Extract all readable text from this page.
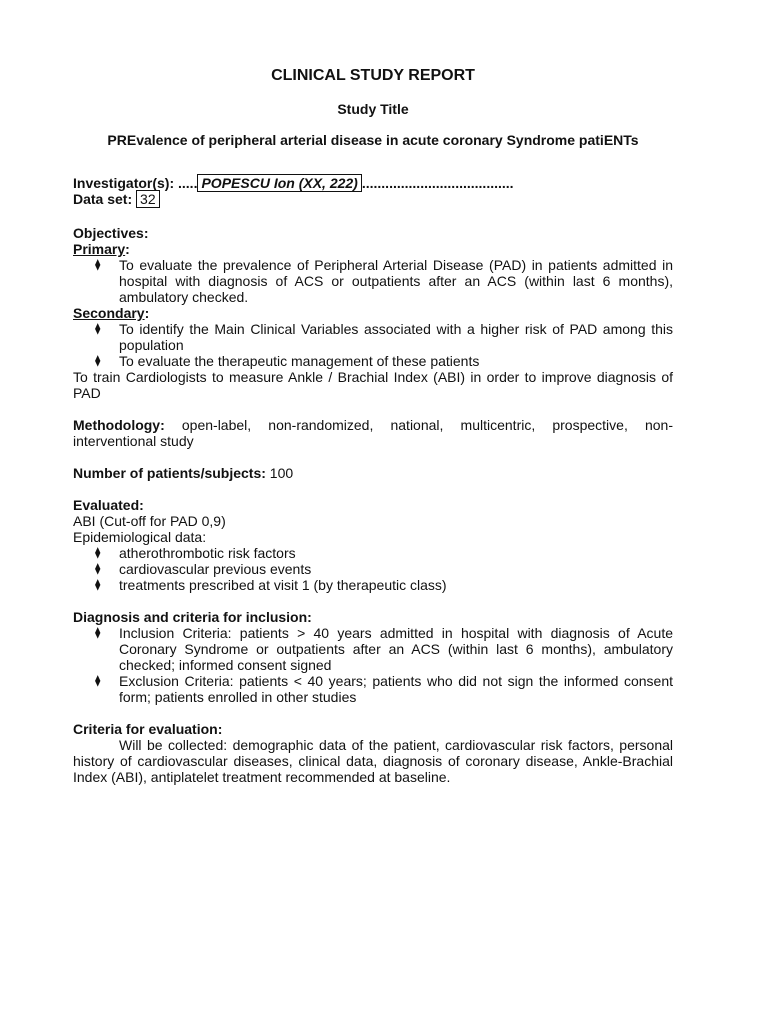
CLINICAL STUDY REPORT
Study Title
PREvalence of peripheral arterial disease in acute coronary Syndrome patiENTs
Investigator(s): ..... POPESCU Ion (XX, 222) .......................................
Data set: 32
Objectives:
Primary:
⧫ To evaluate the prevalence of Peripheral Arterial Disease (PAD) in patients admitted in hospital with diagnosis of ACS or outpatients after an ACS (within last 6 months), ambulatory checked.
Secondary:
⧫ To identify the Main Clinical Variables associated with a higher risk of PAD among this population
⧫ To evaluate the therapeutic management of these patients
To train Cardiologists to measure Ankle / Brachial Index (ABI) in order to improve diagnosis of PAD
Methodology: open-label, non-randomized, national, multicentric, prospective, non-interventional study
Number of patients/subjects: 100
Evaluated:
ABI (Cut-off for PAD 0,9)
Epidemiological data:
⧫ atherothrombotic risk factors
⧫ cardiovascular previous events
⧫ treatments prescribed at visit 1 (by therapeutic class)
Diagnosis and criteria for inclusion:
⧫ Inclusion Criteria: patients > 40 years admitted in hospital with diagnosis of Acute Coronary Syndrome or outpatients after an ACS (within last 6 months), ambulatory checked; informed consent signed
⧫ Exclusion Criteria: patients < 40 years; patients who did not sign the informed consent form; patients enrolled in other studies
Criteria for evaluation:
Will be collected: demographic data of the patient, cardiovascular risk factors, personal history of cardiovascular diseases, clinical data, diagnosis of coronary disease, Ankle-Brachial Index (ABI), antiplatelet treatment recommended at baseline.
